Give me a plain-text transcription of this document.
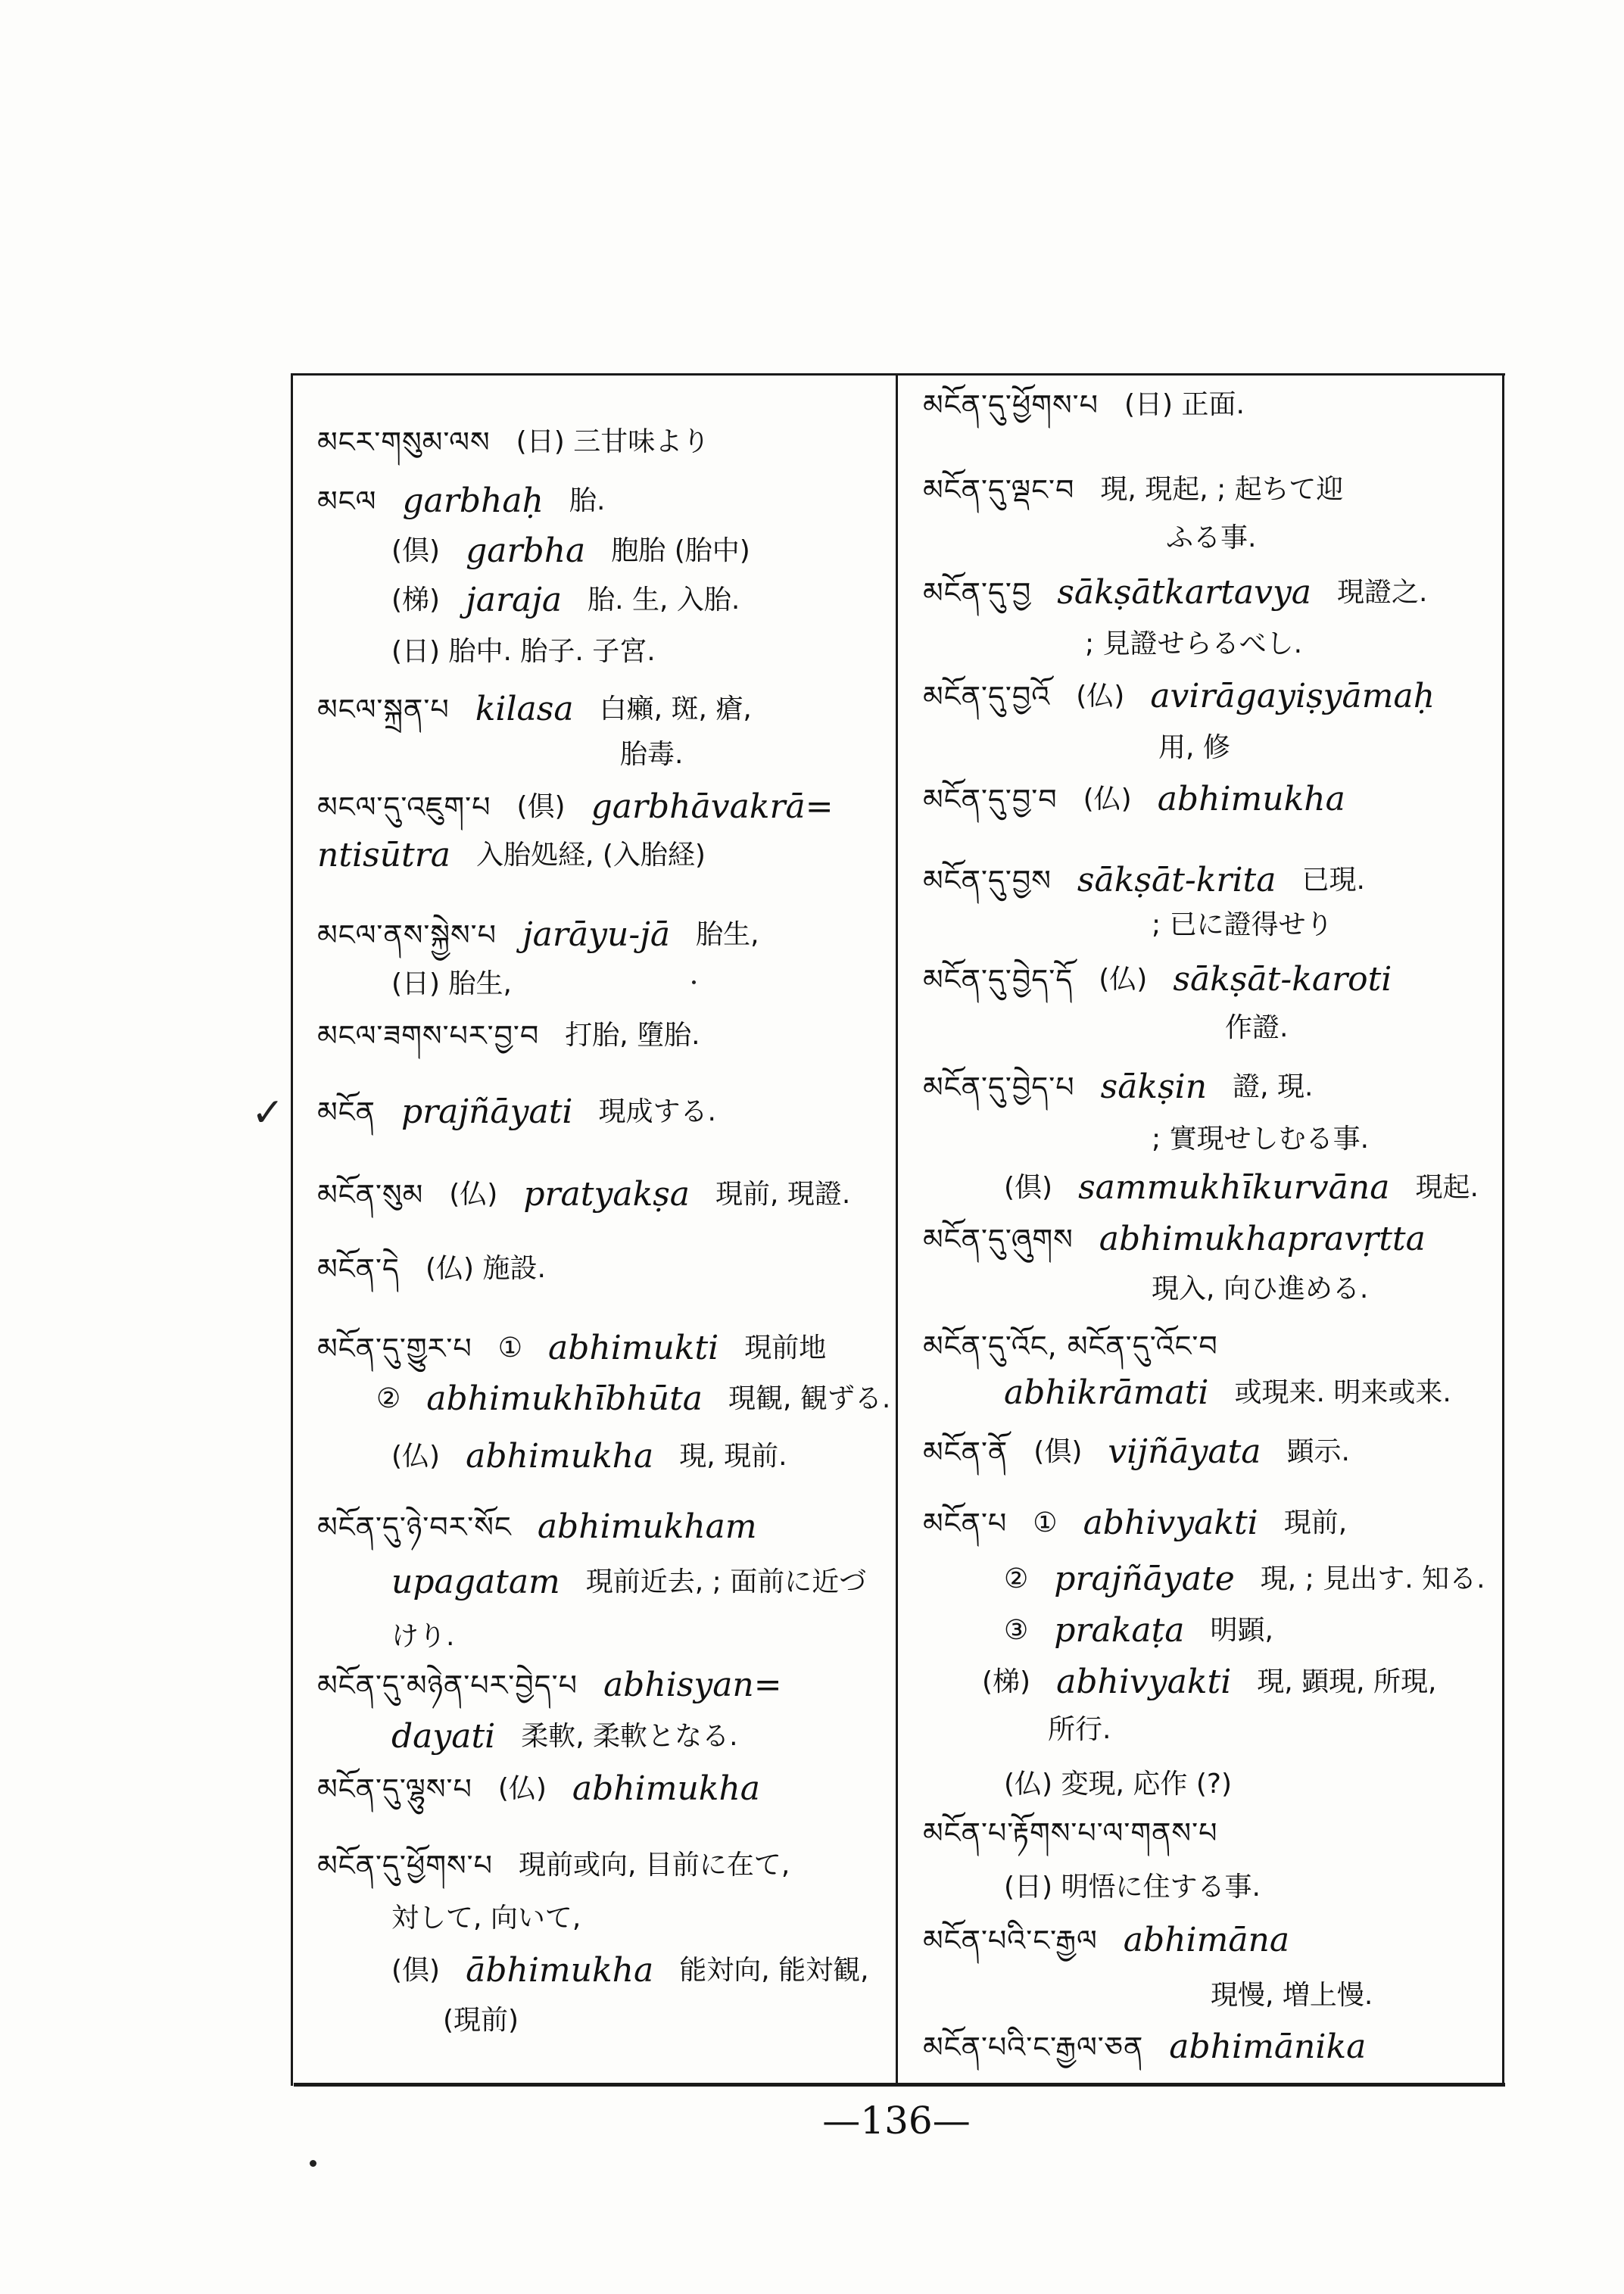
མངར་གསུམ་ལས (日) 三甘味より
མངལ garbhaḥ 胎.
(倶) garbha 胞胎 (胎中)
(梯) jaraja 胎. 生, 入胎.
(日) 胎中. 胎子. 子宮.
མངལ་སྐྲན་པ kilasa 白癩, 斑, 瘡,
胎毒.
མངལ་དུ་འཇུག་པ (倶) garbhāvakrā=
ntisūtra 入胎処経, (入胎経)
མངལ་ནས་སྐྱེས་པ jarāyu-jā 胎生,
(日) 胎生,
མངལ་ཟགས་པར་བྱ་བ 打胎, 墮胎.
མངོན prajñāyati 現成する.
མངོན་སུམ (仏) pratyakṣa 現前, 現證.
མངོན་དེ (仏) 施設.
མངོན་དུ་གྱུར་པ ① abhimukti 現前地
② abhimukhībhūta 現観, 観ずる.
(仏) abhimukha 現, 現前.
མངོན་དུ་ཉེ་བར་སོང abhimukham
upagatam 現前近去, ; 面前に近づ
けり.
མངོན་དུ་མཉེན་པར་བྱེད་པ abhisyan=
dayati 柔軟, 柔軟となる.
མངོན་དུ་ལྷུས་པ (仏) abhimukha
མངོན་དུ་ཕྱོགས་པ 現前或向, 目前に在て,
対して, 向いて,
(倶) ābhimukha 能対向, 能対観,
(現前)
མངོན་དུ་ཕྱོགས་པ (日) 正面.
མངོན་དུ་ལྡང་བ 現, 現起, ; 起ちて迎
ふる事.
མངོན་དུ་བྱ sākṣātkartavya 現證之.
; 見證せらるべし.
མངོན་དུ་བྱའོ (仏) avirāgayiṣyāmaḥ
用, 修
མངོན་དུ་བྱ་བ (仏) abhimukha
མངོན་དུ་བྱས sākṣāt-krita 已現.
; 已に證得せり
མངོན་དུ་བྱེད་དོ (仏) sākṣāt-karoti
作證.
མངོན་དུ་བྱེད་པ sākṣin 證, 現.
; 實現せしむる事.
(倶) sammukhīkurvāna 現起.
མངོན་དུ་ཞུགས abhimukhapravṛtta
現入, 向ひ進める.
མངོན་དུ་འོང, མངོན་དུ་འོང་བ
abhikrāmati 或現来. 明来或来.
མངོན་ནོ (倶) vijñāyata 顕示.
མངོན་པ ① abhivyakti 現前,
② prajñāyate 現, ; 見出す. 知る.
③ prakaṭa 明顕,
(梯) abhivyakti 現, 顕現, 所現,
所行.
(仏) 変現, 応作 (?)
མངོན་པ་རྟོགས་པ་ལ་གནས་པ
(日) 明悟に住する事.
མངོན་པའི་ང་རྒྱལ abhimāna
現慢, 増上慢.
མངོན་པའི་ང་རྒྱལ་ཅན abhimānika
✓
—136—
